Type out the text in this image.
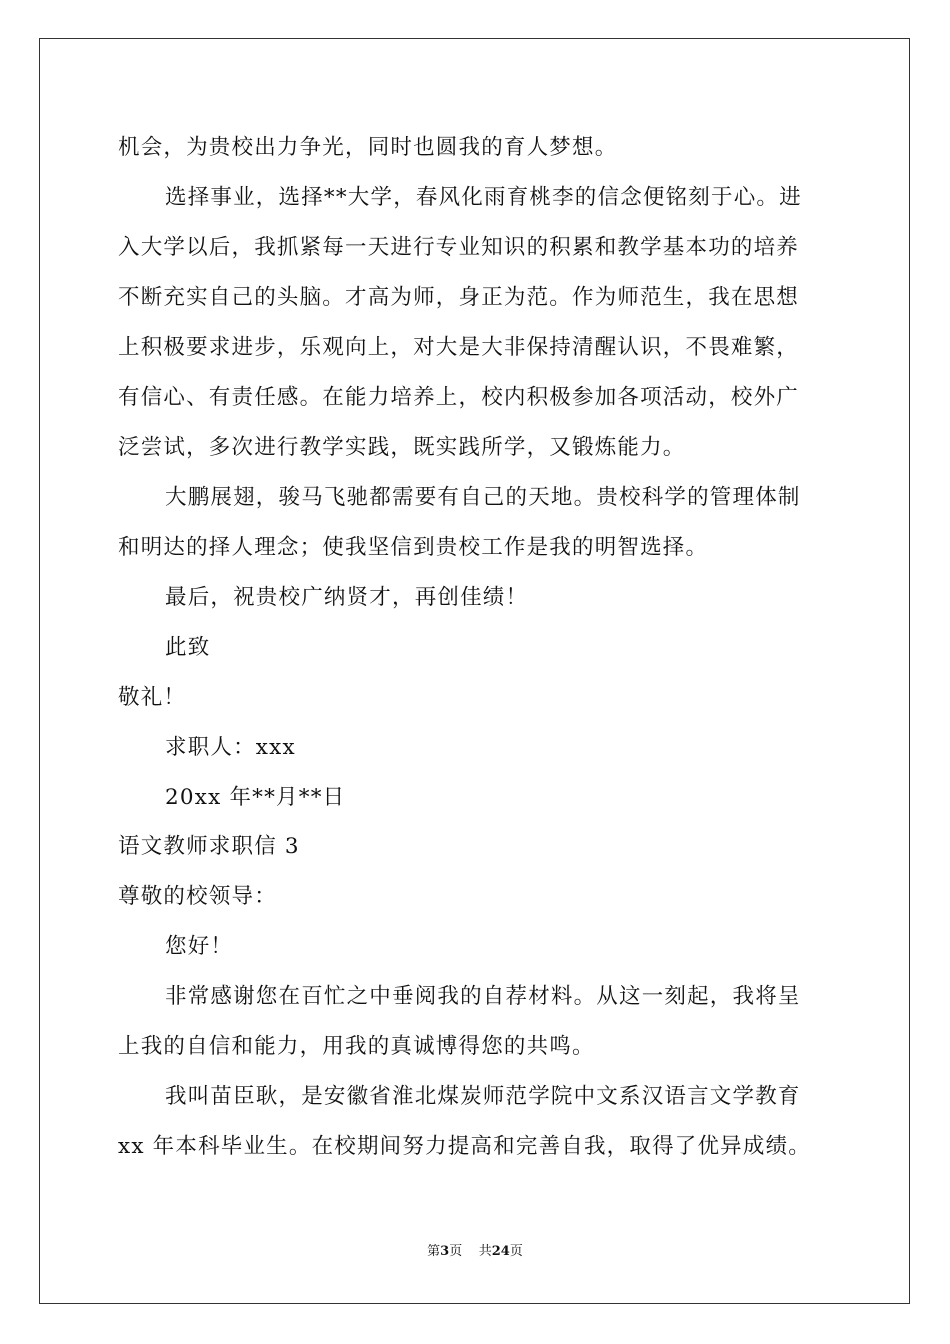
机会，为贵校出力争光，同时也圆我的育人梦想。
选择事业，选择**大学，春风化雨育桃李的信念便铭刻于心。进
入大学以后，我抓紧每一天进行专业知识的积累和教学基本功的培养
不断充实自己的头脑。才高为师，身正为范。作为师范生，我在思想
上积极要求进步，乐观向上，对大是大非保持清醒认识，不畏难繁，
有信心、有责任感。在能力培养上，校内积极参加各项活动，校外广
泛尝试，多次进行教学实践，既实践所学，又锻炼能力。
大鹏展翅，骏马飞驰都需要有自己的天地。贵校科学的管理体制
和明达的择人理念；使我坚信到贵校工作是我的明智选择。
最后，祝贵校广纳贤才，再创佳绩！
此致
敬礼！
求职人：xxx
20xx 年**月**日
语文教师求职信 3
尊敬的校领导：
您好！
非常感谢您在百忙之中垂阅我的自荐材料。从这一刻起，我将呈
上我的自信和能力，用我的真诚博得您的共鸣。
我叫苗臣耿，是安徽省淮北煤炭师范学院中文系汉语言文学教育
xx 年本科毕业生。在校期间努力提高和完善自我，取得了优异成绩。
第3页 共24页
